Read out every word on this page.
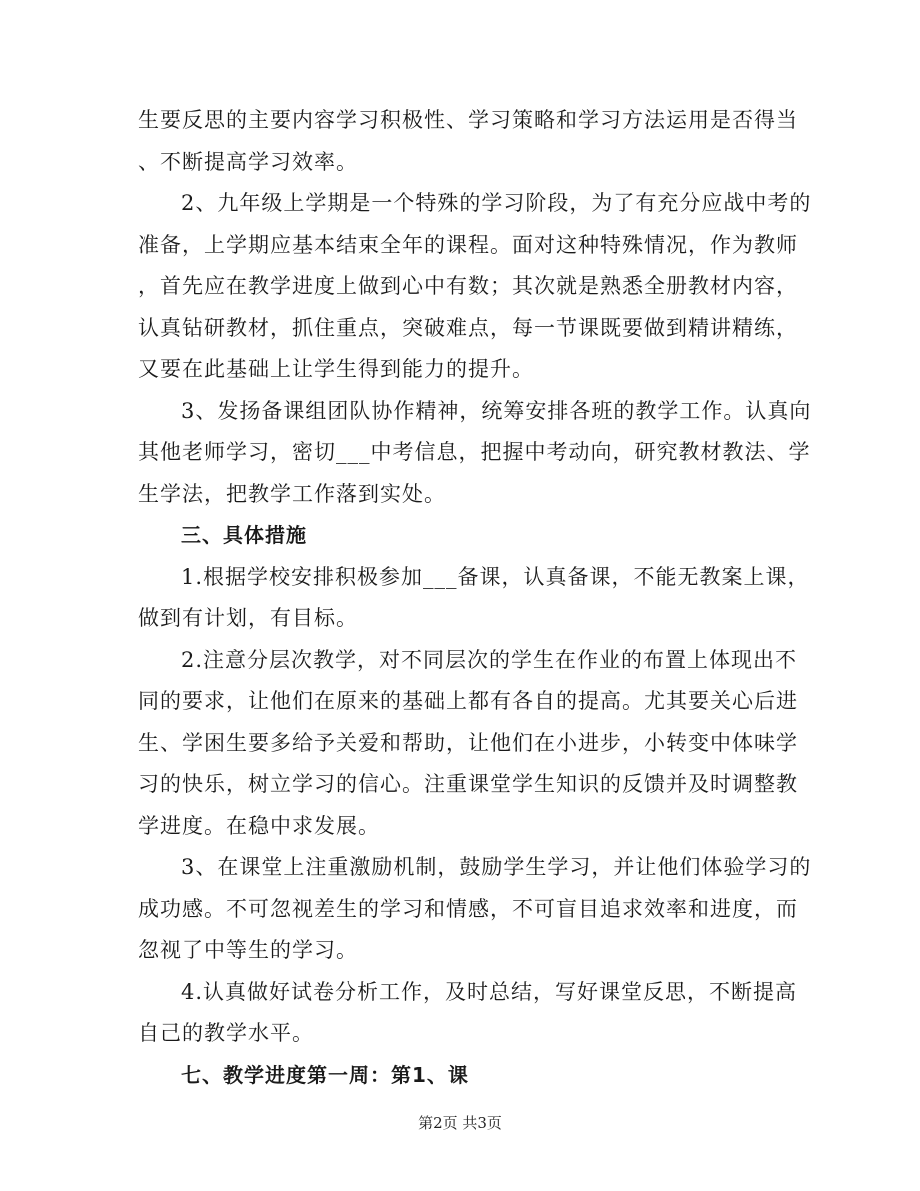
生要反思的主要内容学习积极性、学习策略和学习方法运用是否得当
、不断提高学习效率。
2、九年级上学期是一个特殊的学习阶段，为了有充分应战中考的
准备，上学期应基本结束全年的课程。面对这种特殊情况，作为教师
，首先应在教学进度上做到心中有数；其次就是熟悉全册教材内容，
认真钻研教材，抓住重点，突破难点，每一节课既要做到精讲精练，
又要在此基础上让学生得到能力的提升。
3、发扬备课组团队协作精神，统筹安排各班的教学工作。认真向
其他老师学习，密切___中考信息，把握中考动向，研究教材教法、学
生学法，把教学工作落到实处。
三、具体措施
1.根据学校安排积极参加___备课，认真备课，不能无教案上课，
做到有计划，有目标。
2.注意分层次教学，对不同层次的学生在作业的布置上体现出不
同的要求，让他们在原来的基础上都有各自的提高。尤其要关心后进
生、学困生要多给予关爱和帮助，让他们在小进步，小转变中体味学
习的快乐，树立学习的信心。注重课堂学生知识的反馈并及时调整教
学进度。在稳中求发展。
3、在课堂上注重激励机制，鼓励学生学习，并让他们体验学习的
成功感。不可忽视差生的学习和情感，不可盲目追求效率和进度，而
忽视了中等生的学习。
4.认真做好试卷分析工作，及时总结，写好课堂反思，不断提高
自己的教学水平。
七、教学进度第一周：第1、课
第2页 共3页
